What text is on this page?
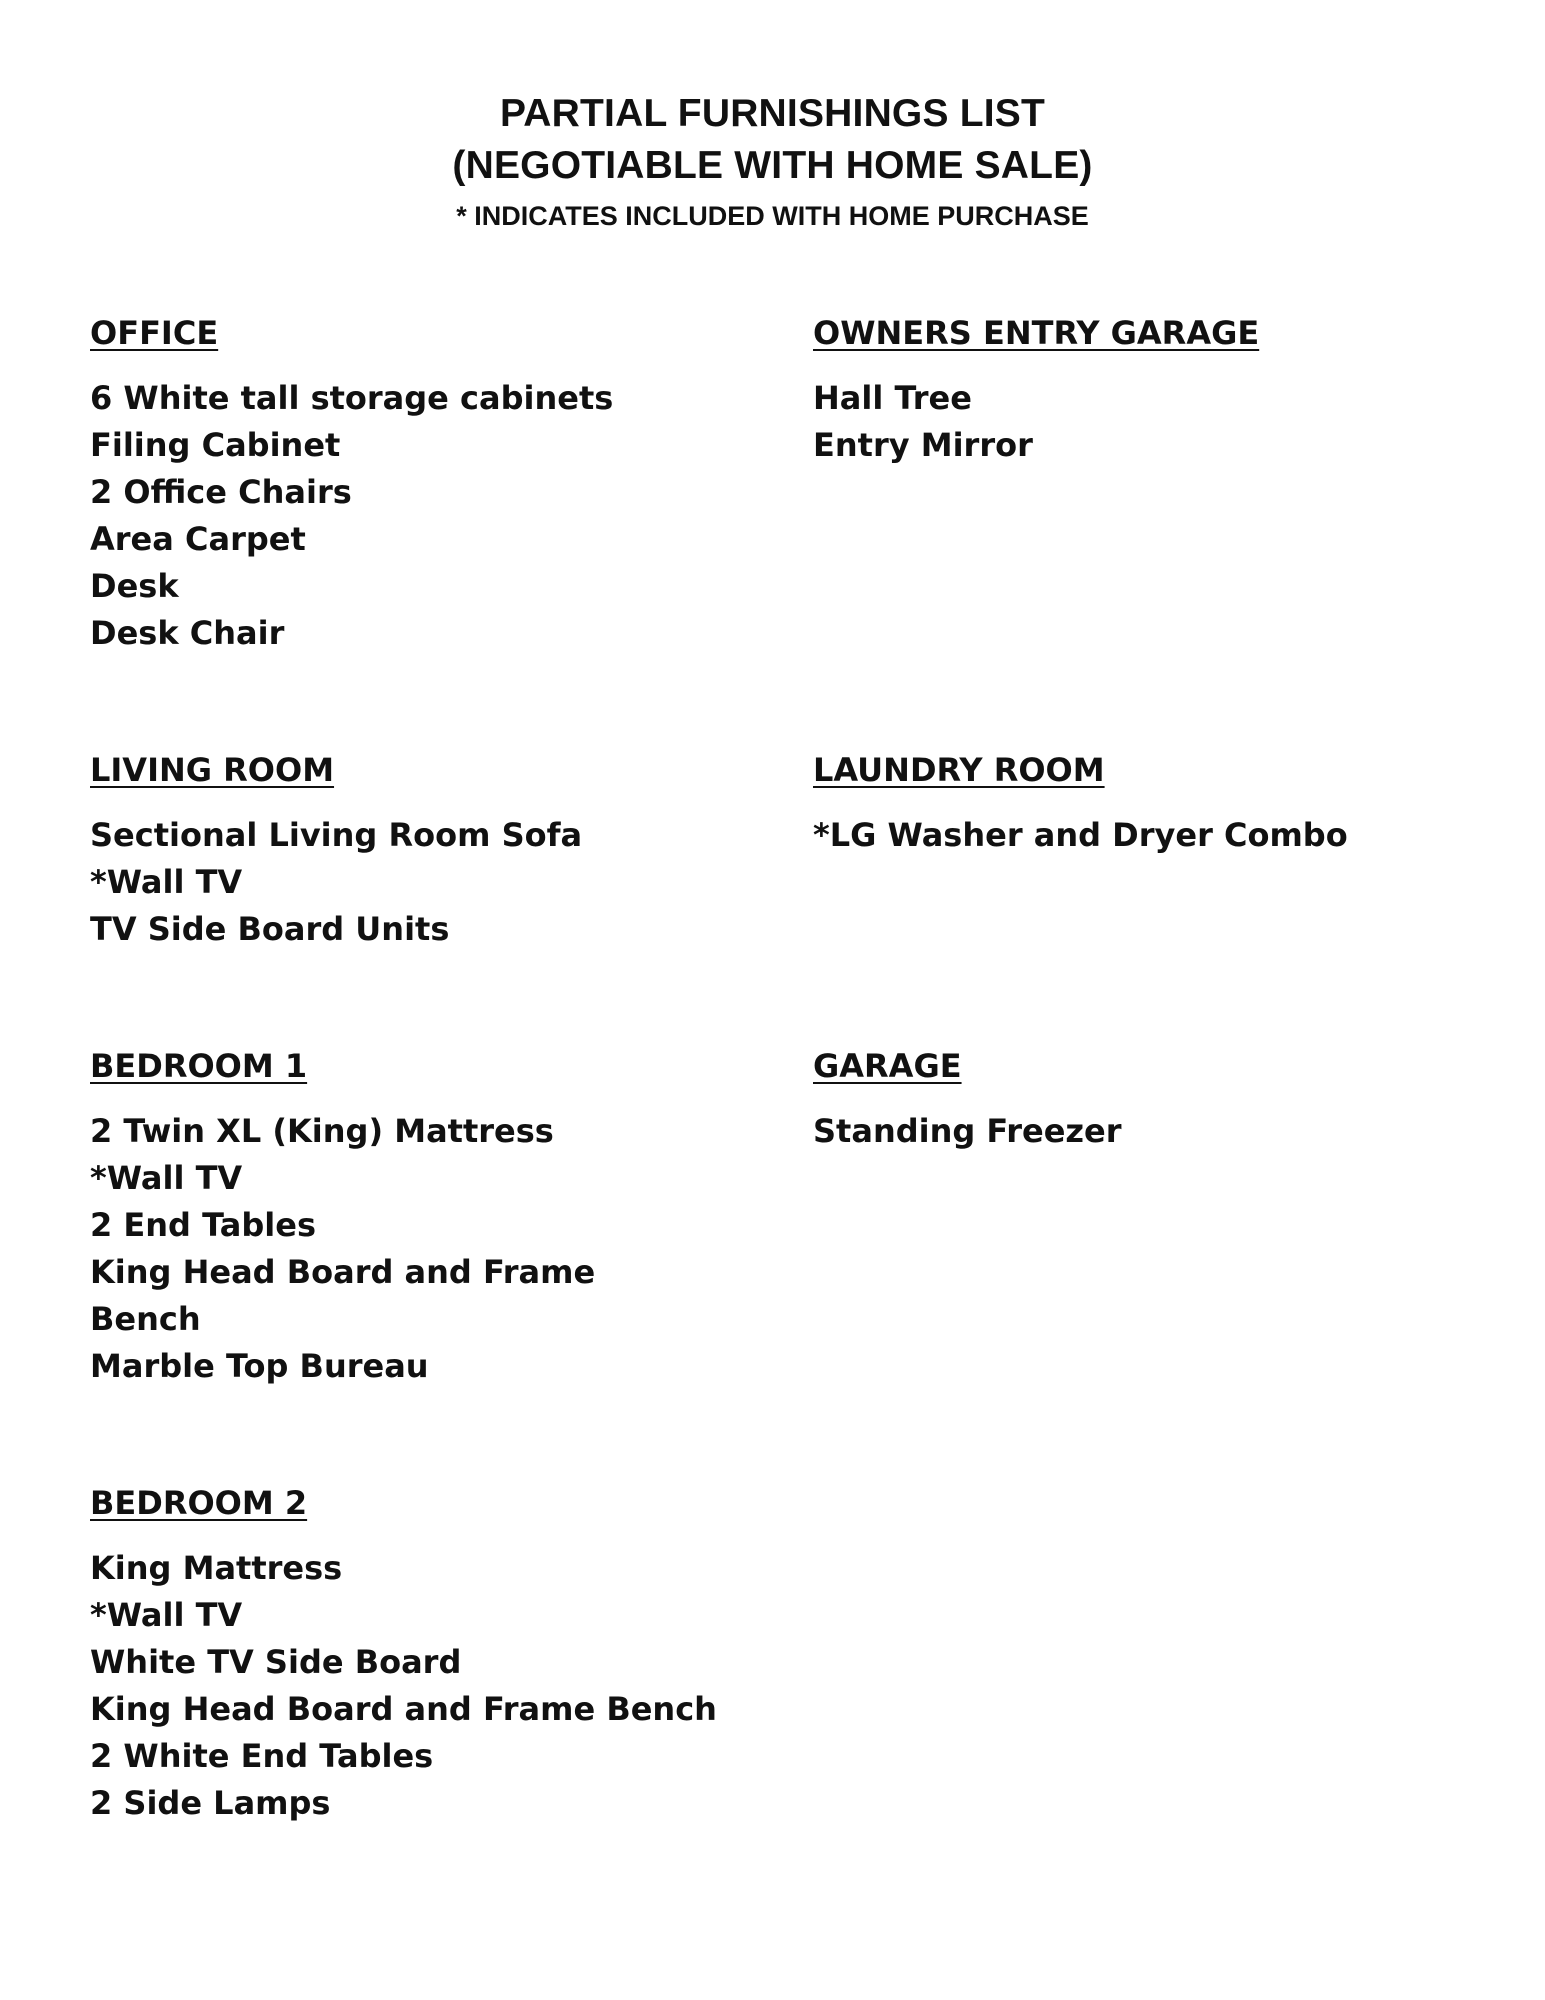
PARTIAL FURNISHINGS LIST
(NEGOTIABLE WITH HOME SALE)
* INDICATES INCLUDED WITH HOME PURCHASE
OFFICE
6 White tall storage cabinets
Filing Cabinet
2 Office Chairs
Area Carpet
Desk
Desk Chair
OWNERS ENTRY GARAGE
Hall Tree
Entry Mirror
LIVING ROOM
Sectional Living Room Sofa
*Wall TV
TV Side Board Units
LAUNDRY ROOM
*LG Washer and Dryer Combo
BEDROOM 1
2 Twin XL (King) Mattress
*Wall TV
2 End Tables
King Head Board and Frame
Bench
Marble Top Bureau
GARAGE
Standing Freezer
BEDROOM 2
King Mattress
*Wall TV
White TV Side Board
King Head Board and Frame Bench
2 White End Tables
2 Side Lamps
